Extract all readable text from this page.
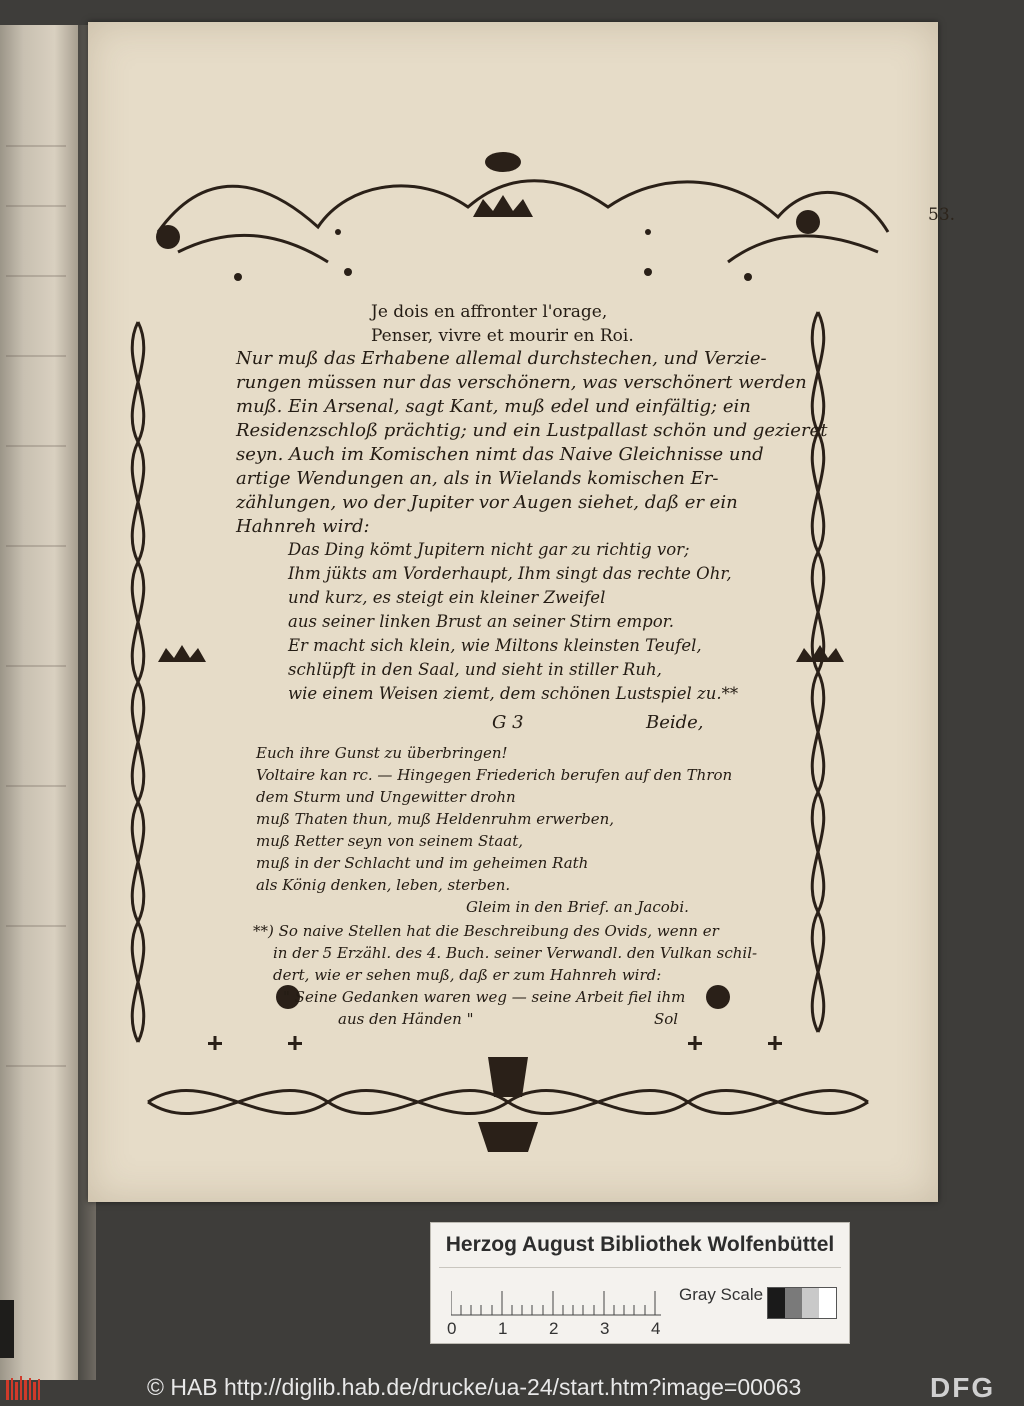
53.
Je dois en affronter l'orage,
Penser, vivre et mourir en Roi.
Nur muß das Erhabene allemal durchstechen, und Verzie-
rungen müssen nur das verschönern, was verschönert werden
muß. Ein Arsenal, sagt Kant, muß edel und einfältig; ein
Residenzschloß prächtig; und ein Lustpallast schön und gezieret
seyn. Auch im Komischen nimt das Naive Gleichnisse und
artige Wendungen an, als in Wielands komischen Er-
zählungen, wo der Jupiter vor Augen siehet, daß er ein
Hahnreh wird:
Das Ding kömt Jupitern nicht gar zu richtig vor;
Ihm jükts am Vorderhaupt, Ihm singt das rechte Ohr,
und kurz, es steigt ein kleiner Zweifel
aus seiner linken Brust an seiner Stirn empor.
Er macht sich klein, wie Miltons kleinsten Teufel,
schlüpft in den Saal, und sieht in stiller Ruh,
wie einem Weisen ziemt, dem schönen Lustspiel zu.**
G 3	Beide,
Euch ihre Gunst zu überbringen!
Voltaire kan rc. — Hingegen Friederich berufen auf den Thron
dem Sturm und Ungewitter drohn
muß Thaten thun, muß Heldenruhm erwerben,
muß Retter seyn von seinem Staat,
muß in der Schlacht und im geheimen Rath
als König denken, leben, sterben.
Gleim in den Brief. an Jacobi.
**) So naive Stellen hat die Beschreibung des Ovids, wenn er
in der 5 Erzähl. des 4. Buch. seiner Verwandl. den Vulkan schil-
dert, wie er sehen muß, daß er zum Hahnreh wird:
" Seine Gedanken waren weg — seine Arbeit fiel ihm
aus den Händen "	Sol
Herzog August Bibliothek Wolfenbüttel
0 1 2 3 4
Gray Scale
© HAB http://diglib.hab.de/drucke/ua-24/start.htm?image=00063	DFG
